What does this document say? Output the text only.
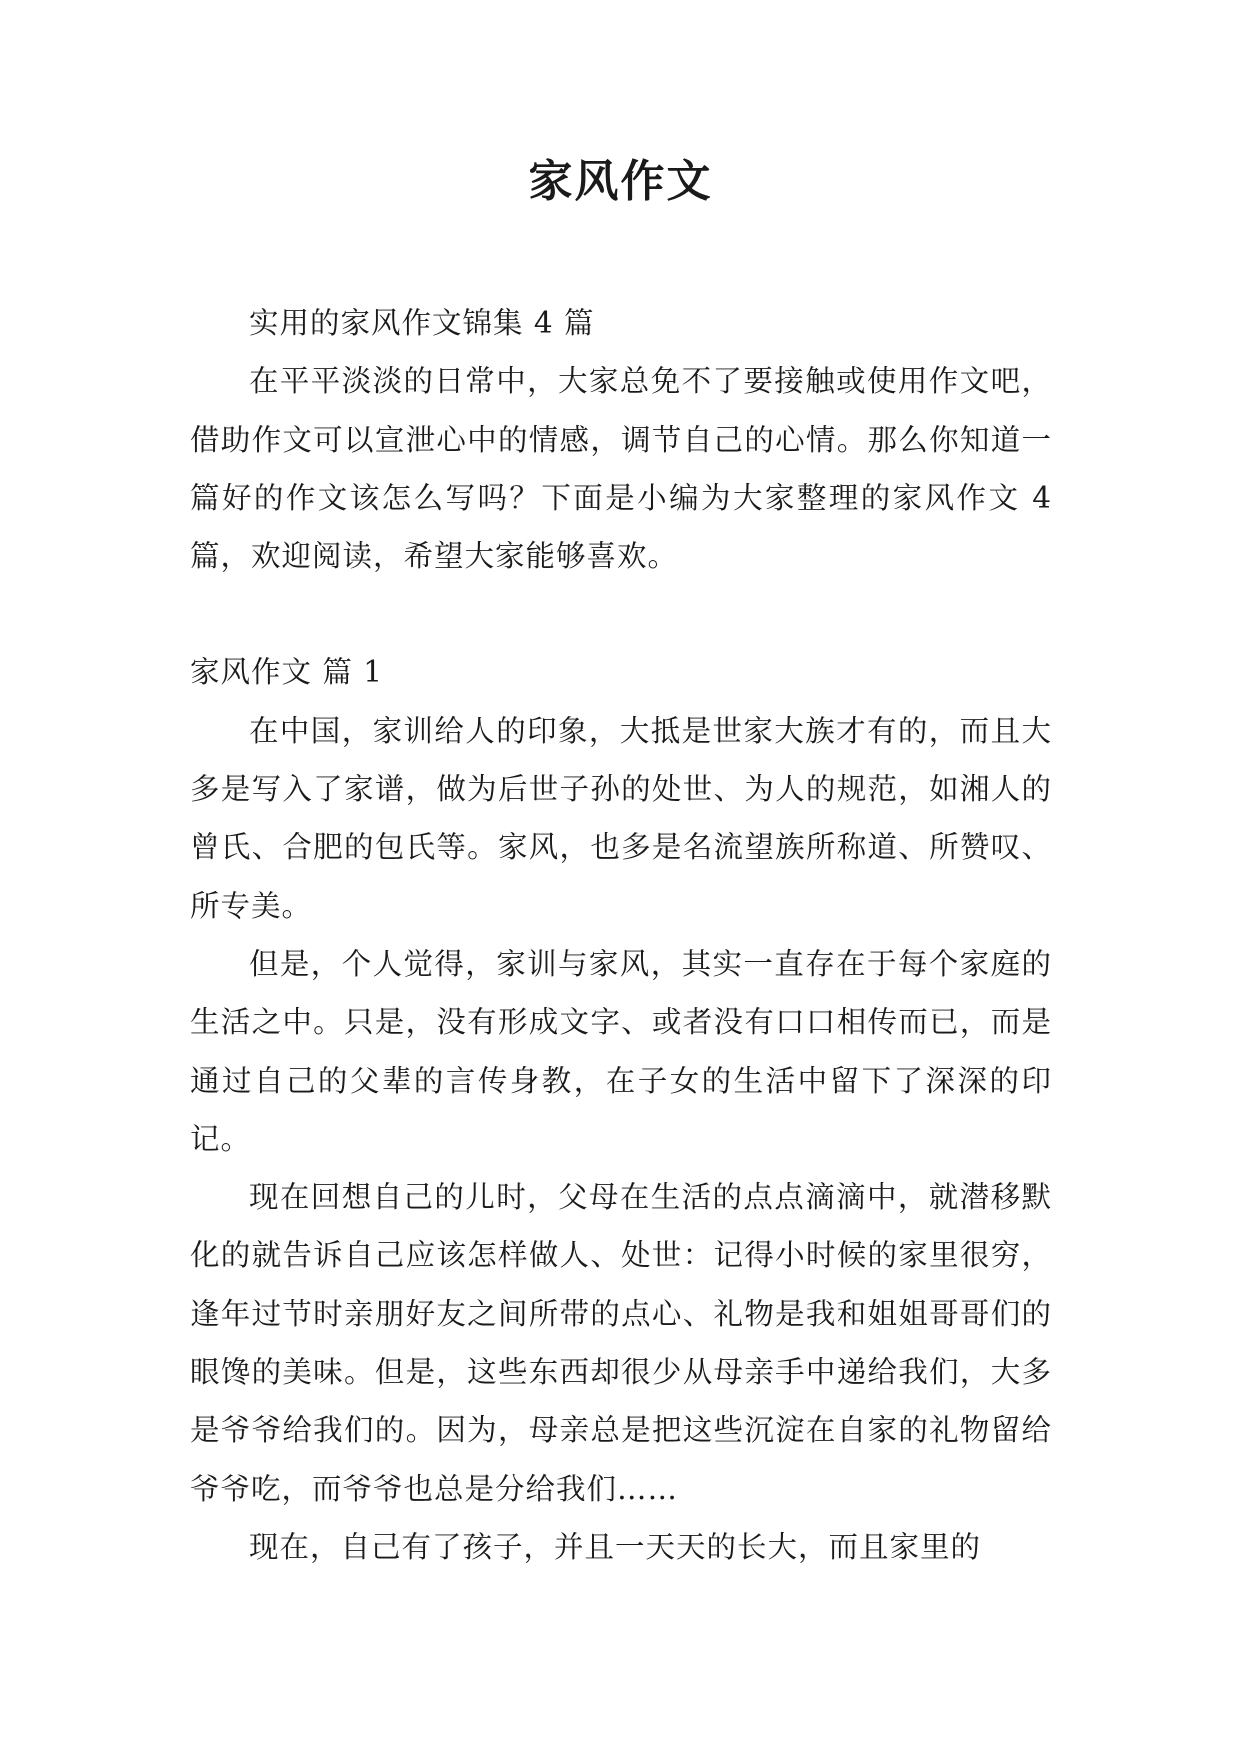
家风作文

实用的家风作文锦集 4 篇

在平平淡淡的日常中，大家总免不了要接触或使用作文吧，借助作文可以宣泄心中的情感，调节自己的心情。那么你知道一篇好的作文该怎么写吗？下面是小编为大家整理的家风作文 4 篇，欢迎阅读，希望大家能够喜欢。

家风作文 篇 1

在中国，家训给人的印象，大抵是世家大族才有的，而且大多是写入了家谱，做为后世子孙的处世、为人的规范，如湘人的曾氏、合肥的包氏等。家风，也多是名流望族所称道、所赞叹、所专美。

但是，个人觉得，家训与家风，其实一直存在于每个家庭的生活之中。只是，没有形成文字、或者没有口口相传而已，而是通过自己的父辈的言传身教，在子女的生活中留下了深深的印记。

现在回想自己的儿时，父母在生活的点点滴滴中，就潜移默化的就告诉自己应该怎样做人、处世：记得小时候的家里很穷，逢年过节时亲朋好友之间所带的点心、礼物是我和姐姐哥哥们的眼馋的美味。但是，这些东西却很少从母亲手中递给我们，大多是爷爷给我们的。因为，母亲总是把这些沉淀在自家的礼物留给爷爷吃，而爷爷也总是分给我们……

现在，自己有了孩子，并且一天天的长大，而且家里的
